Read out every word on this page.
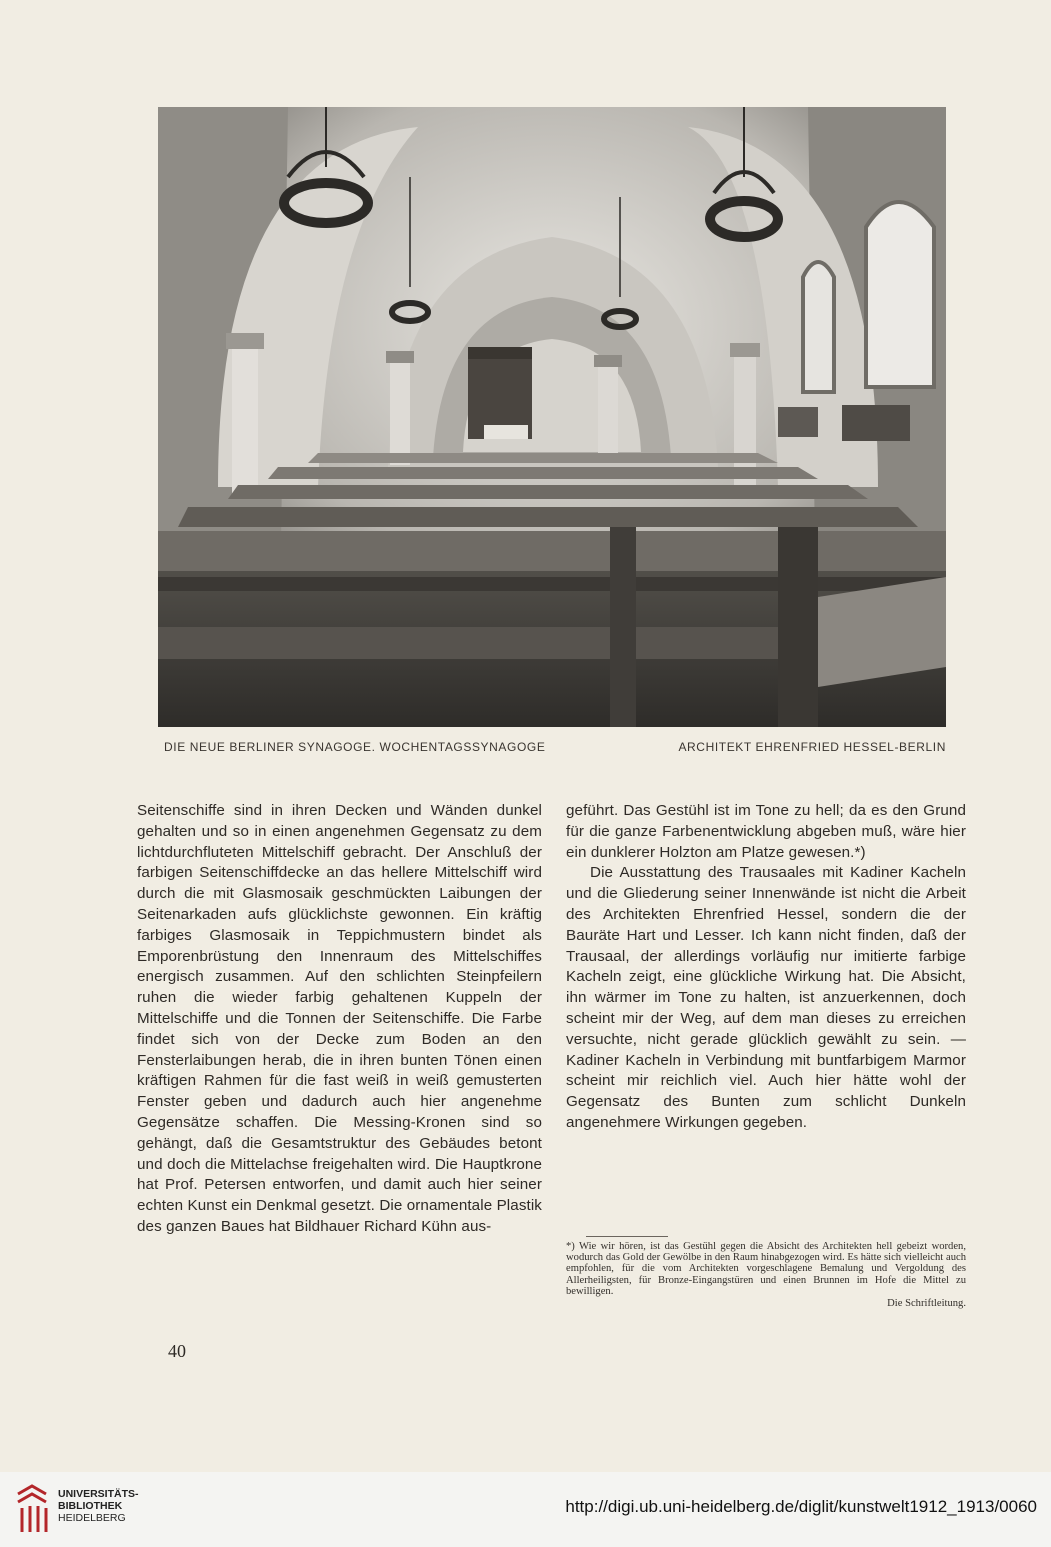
DIE NEUE BERLINER SYNAGOGE. WOCHENTAGSSYNAGOGE	ARCHITEKT EHRENFRIED HESSEL-BERLIN

Seitenschiffe sind in ihren Decken und Wänden dunkel gehalten und so in einen angenehmen Gegensatz zu dem lichtdurchfluteten Mittelschiff gebracht. Der Anschluß der farbigen Seitenschiffdecke an das hellere Mittelschiff wird durch die mit Glasmosaik geschmückten Laibungen der Seitenarkaden aufs glücklichste gewonnen. Ein kräftig farbiges Glasmosaik in Teppichmustern bindet als Emporenbrüstung den Innenraum des Mittelschiffes energisch zusammen. Auf den schlichten Steinpfeilern ruhen die wieder farbig gehaltenen Kuppeln der Mittelschiffe und die Tonnen der Seitenschiffe. Die Farbe findet sich von der Decke zum Boden an den Fensterlaibungen herab, die in ihren bunten Tönen einen kräftigen Rahmen für die fast weiß in weiß gemusterten Fenster geben und dadurch auch hier angenehme Gegensätze schaffen. Die Messing-Kronen sind so gehängt, daß die Gesamtstruktur des Gebäudes betont und doch die Mittelachse freigehalten wird. Die Hauptkrone hat Prof. Petersen entworfen, und damit auch hier seiner echten Kunst ein Denkmal gesetzt. Die ornamentale Plastik des ganzen Baues hat Bildhauer Richard Kühn aus-

geführt. Das Gestühl ist im Tone zu hell; da es den Grund für die ganze Farbenentwicklung abgeben muß, wäre hier ein dunklerer Holzton am Platze gewesen.*)

Die Ausstattung des Trausaales mit Kadiner Kacheln und die Gliederung seiner Innenwände ist nicht die Arbeit des Architekten Ehrenfried Hessel, sondern die der Bauräte Hart und Lesser. Ich kann nicht finden, daß der Trausaal, der allerdings vorläufig nur imitierte farbige Kacheln zeigt, eine glückliche Wirkung hat. Die Absicht, ihn wärmer im Tone zu halten, ist anzuerkennen, doch scheint mir der Weg, auf dem man dieses zu erreichen versuchte, nicht gerade glücklich gewählt zu sein. — Kadiner Kacheln in Verbindung mit buntfarbigem Marmor scheint mir reichlich viel. Auch hier hätte wohl der Gegensatz des Bunten zum schlicht Dunkeln angenehmere Wirkungen gegeben.

*) Wie wir hören, ist das Gestühl gegen die Absicht des Architekten hell gebeizt worden, wodurch das Gold der Gewölbe in den Raum hinabgezogen wird. Es hätte sich vielleicht auch empfohlen, für die vom Architekten vorgeschlagene Bemalung und Vergoldung des Allerheiligsten, für Bronze-Eingangstüren und einen Brunnen im Hofe die Mittel zu bewilligen.
Die Schriftleitung.
40
UNIVERSITÄTS-
BIBLIOTHEK
HEIDELBERG
http://digi.ub.uni-heidelberg.de/diglit/kunstwelt1912_1913/0060
